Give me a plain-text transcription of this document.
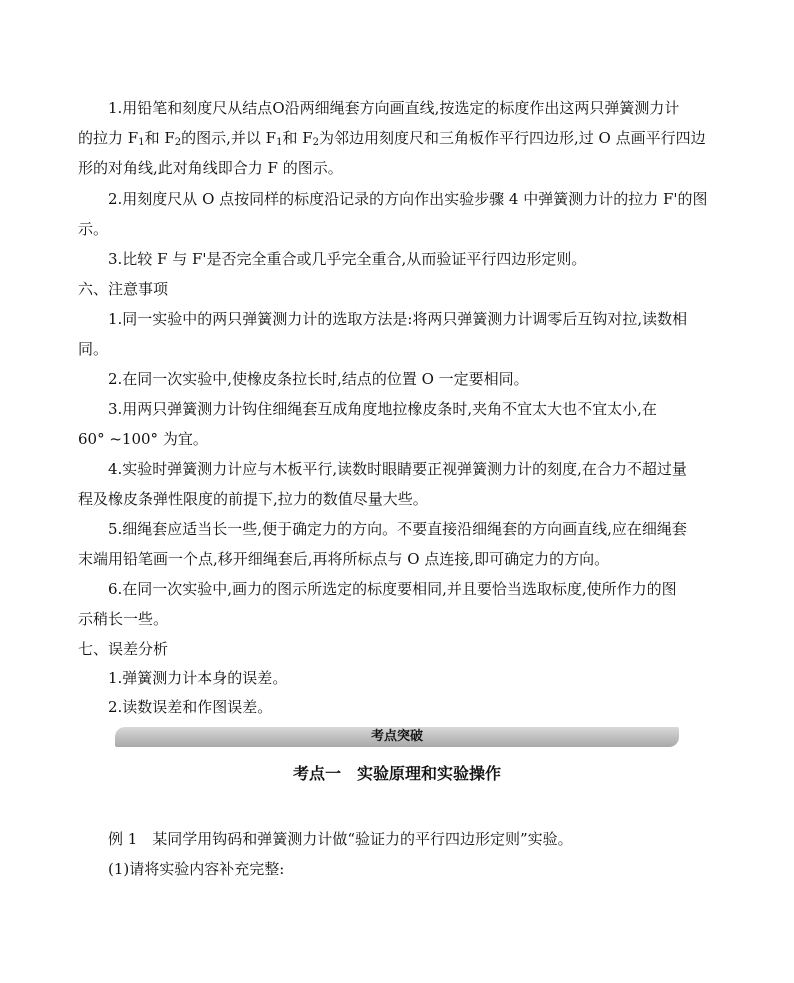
1.用铅笔和刻度尺从结点O沿两细绳套方向画直线,按选定的标度作出这两只弹簧测力计
的拉力 $F_1$和 $F_2$的图示,并以 $F_1$和 $F_2$为邻边用刻度尺和三角板作平行四边形,过 O 点画平行四边
形的对角线,此对角线即合力 F 的图示。
2.用刻度尺从 O 点按同样的标度沿记录的方向作出实验步骤 4 中弹簧测力计的拉力 F'的图
示。
3.比较 F 与 F'是否完全重合或几乎完全重合,从而验证平行四边形定则。
六、注意事项
1.同一实验中的两只弹簧测力计的选取方法是:将两只弹簧测力计调零后互钩对拉,读数相
同。
2.在同一次实验中,使橡皮条拉长时,结点的位置 O 一定要相同。
3.用两只弹簧测力计钩住细绳套互成角度地拉橡皮条时,夹角不宜太大也不宜太小,在
60° ~100° 为宜。
4.实验时弹簧测力计应与木板平行,读数时眼睛要正视弹簧测力计的刻度,在合力不超过量
程及橡皮条弹性限度的前提下,拉力的数值尽量大些。
5.细绳套应适当长一些,便于确定力的方向。不要直接沿细绳套的方向画直线,应在细绳套
末端用铅笔画一个点,移开细绳套后,再将所标点与 O 点连接,即可确定力的方向。
6.在同一次实验中,画力的图示所选定的标度要相同,并且要恰当选取标度,使所作力的图
示稍长一些。
七、误差分析
1.弹簧测力计本身的误差。
2.读数误差和作图误差。
考点突破
考点一　实验原理和实验操作
例 1　某同学用钩码和弹簧测力计做“验证力的平行四边形定则”实验。
(1)请将实验内容补充完整:
